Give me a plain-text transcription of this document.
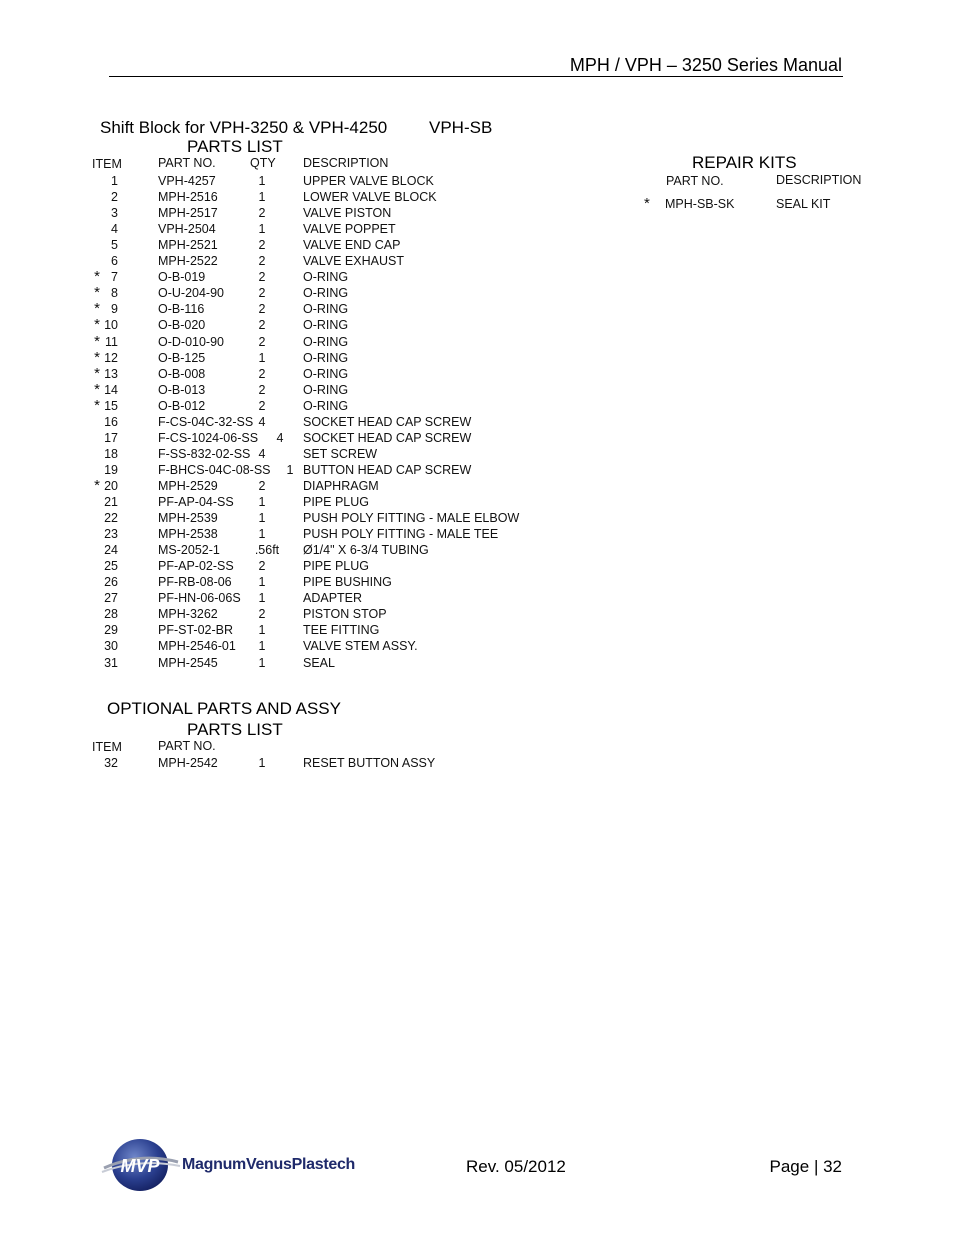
MPH / VPH – 3250 Series Manual
Shift Block for VPH-3250 & VPH-4250 VPH-SB
PARTS LIST
ITEM	PART NO.	QTY DESCRIPTION
1	VPH-4257	1	UPPER VALVE BLOCK
2	MPH-2516	1	LOWER VALVE BLOCK
3	MPH-2517	2	VALVE PISTON
4	VPH-2504	1	VALVE POPPET
5	MPH-2521	2	VALVE END CAP
6	MPH-2522	2	VALVE EXHAUST
* 7	O-B-019	2	O-RING
* 8	O-U-204-90	2	O-RING
* 9	O-B-116	2	O-RING
* 10	O-B-020	2	O-RING
* 11	O-D-010-90	2	O-RING
* 12	O-B-125	1	O-RING
* 13	O-B-008	2	O-RING
* 14	O-B-013	2	O-RING
* 15	O-B-012	2	O-RING
16	F-CS-04C-32-SS 4	SOCKET HEAD CAP SCREW
17	F-CS-1024-06-SS	4	SOCKET HEAD CAP SCREW
18	F-SS-832-02-SS 4	SET SCREW
19	F-BHCS-04C-08-SS	1 BUTTON HEAD CAP SCREW
* 20	MPH-2529	2	DIAPHRAGM
21	PF-AP-04-SS	1	PIPE PLUG
22	MPH-2539	1	PUSH POLY FITTING - MALE ELBOW
23	MPH-2538	1	PUSH POLY FITTING - MALE TEE
24	MS-2052-1	.56ft Ø1/4" X 6-3/4 TUBING
25	PF-AP-02-SS	2	PIPE PLUG
26	PF-RB-08-06	1	PIPE BUSHING
27	PF-HN-06-06S	1	ADAPTER
28	MPH-3262	2	PISTON STOP
29	PF-ST-02-BR	1	TEE FITTING
30	MPH-2546-01	1	VALVE STEM ASSY.
31	MPH-2545	1	SEAL
REPAIR KITS
PART NO.	DESCRIPTION
* MPH-SB-SK	SEAL KIT
OPTIONAL PARTS AND ASSY
PARTS LIST
ITEM	PART NO.
32	MPH-2542	1	RESET BUTTON ASSY
MVP MagnumVenusPlastech	Rev. 05/2012	Page | 32
